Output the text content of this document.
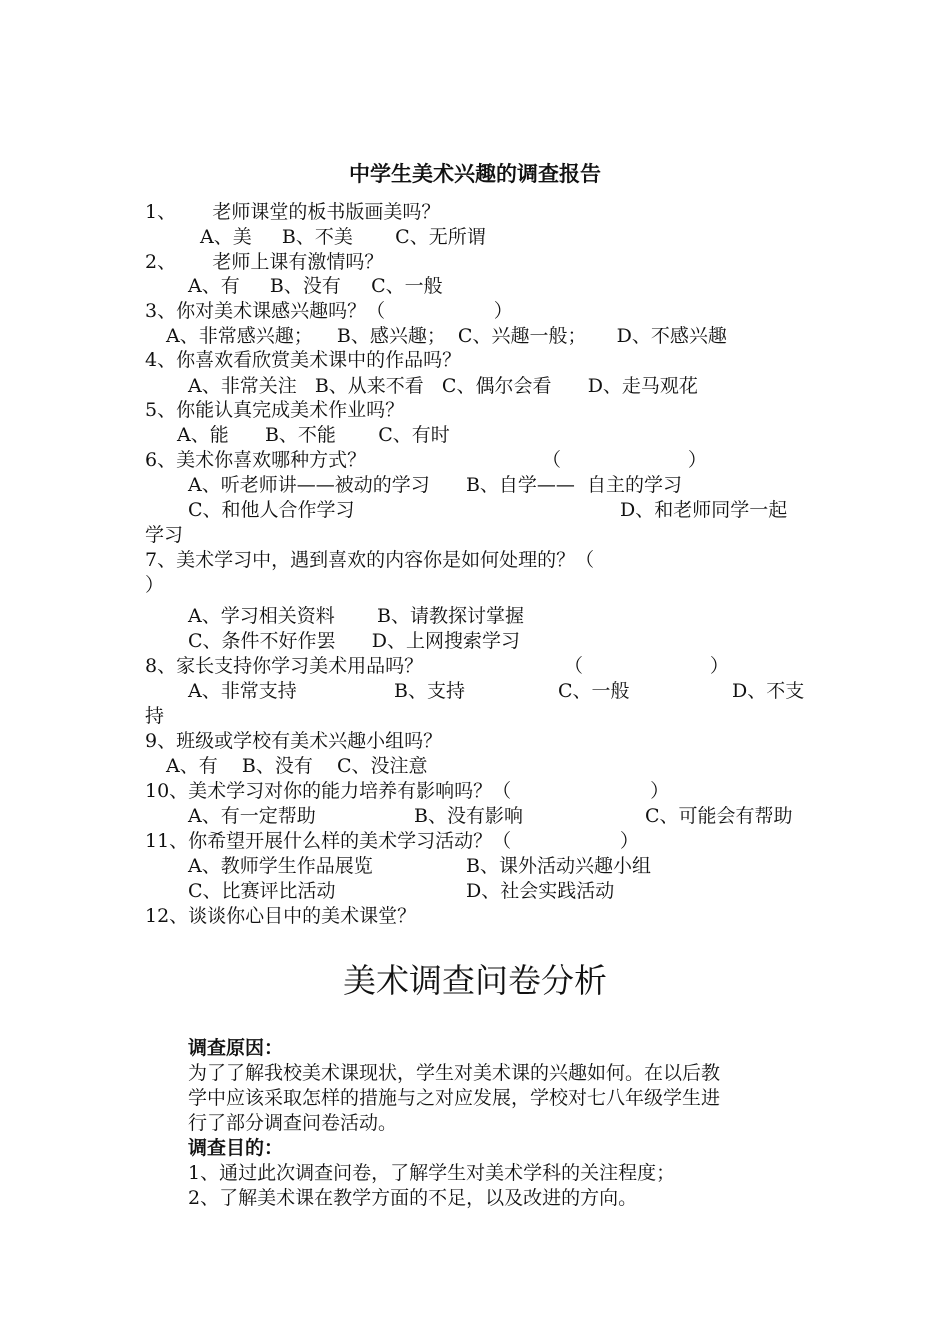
中学生美术兴趣的调查报告
1、      老师课堂的板书版画美吗？
A、美     B、不美       C、无所谓
2、      老师上课有激情吗？
A、有     B、没有     C、一般
3、你对美术课感兴趣吗？（                  ）
A、非常感兴趣；    B、感兴趣；  C、兴趣一般；     D、不感兴趣
4、你喜欢看欣赏美术课中的作品吗？
A、非常关注   B、从来不看   C、偶尔会看      D、走马观花
5、你能认真完成美术作业吗？
A、能      B、不能       C、有时
6、美术你喜欢哪种方式？	（                     ）
A、听老师讲——被动的学习      B、自学——  自主的学习
C、和他人合作学习	D、和老师同学一起
学习
7、美术学习中，遇到喜欢的内容你是如何处理的？（
）
A、学习相关资料       B、请教探讨掌握
C、条件不好作罢      D、上网搜索学习
8、家长支持你学习美术用品吗？	（                     ）
A、非常支持	B、支持	C、一般	D、不支
持
9、班级或学校有美术兴趣小组吗？
A、有    B、没有    C、没注意
10、美术学习对你的能力培养有影响吗？（                       ）
A、有一定帮助	B、没有影响	C、可能会有帮助
11、你希望开展什么样的美术学习活动？（                  ）
A、教师学生作品展览	B、课外活动兴趣小组
C、比赛评比活动	D、社会实践活动
12、谈谈你心目中的美术课堂？
美术调查问卷分析
调查原因：
为了了解我校美术课现状，学生对美术课的兴趣如何。在以后教
学中应该采取怎样的措施与之对应发展，学校对七八年级学生进
行了部分调查问卷活动。
调查目的：
1、通过此次调查问卷，了解学生对美术学科的关注程度；
2、了解美术课在教学方面的不足，以及改进的方向。
